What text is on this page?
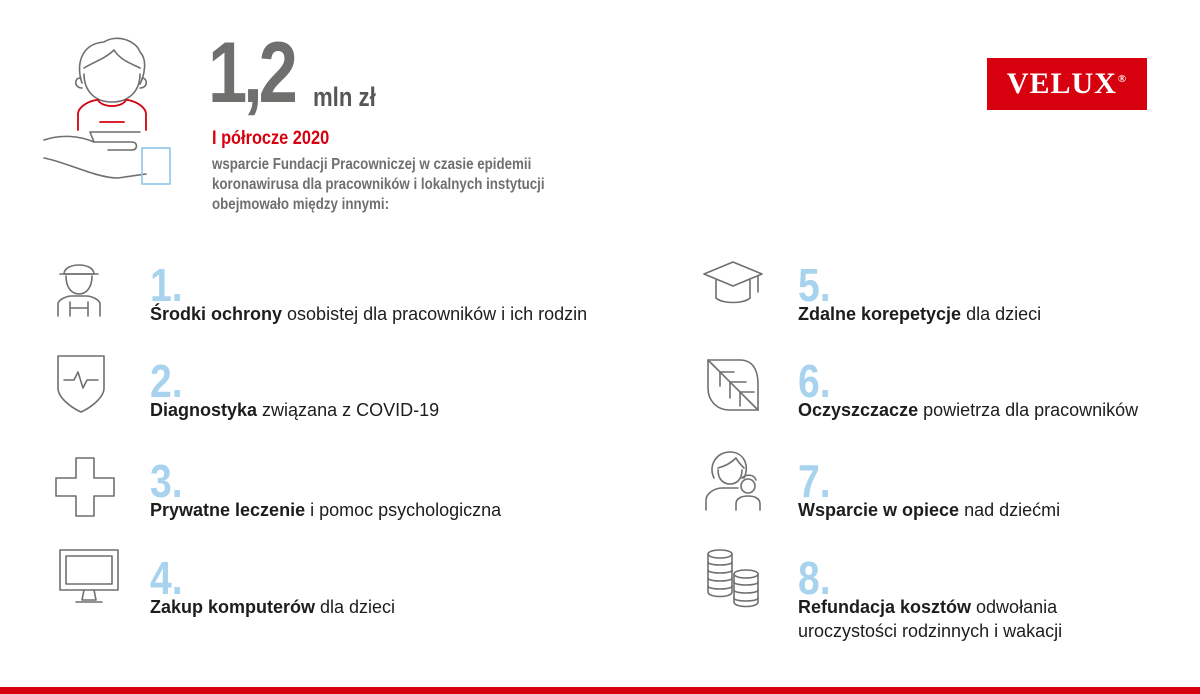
1,2 mln zł
I półrocze 2020
wsparcie Fundacji Pracowniczej w czasie epidemii
koronawirusa dla pracowników i lokalnych instytucji
obejmowało między innymi:
VELUX®
1.
Środki ochrony osobistej dla pracowników i ich rodzin
2.
Diagnostyka związana z COVID-19
3.
Prywatne leczenie i pomoc psychologiczna
4.
Zakup komputerów dla dzieci
5.
Zdalne korepetycje dla dzieci
6.
Oczyszczacze powietrza dla pracowników
7.
Wsparcie w opiece nad dziećmi
8.
Refundacja kosztów odwołania
uroczystości rodzinnych i wakacji
